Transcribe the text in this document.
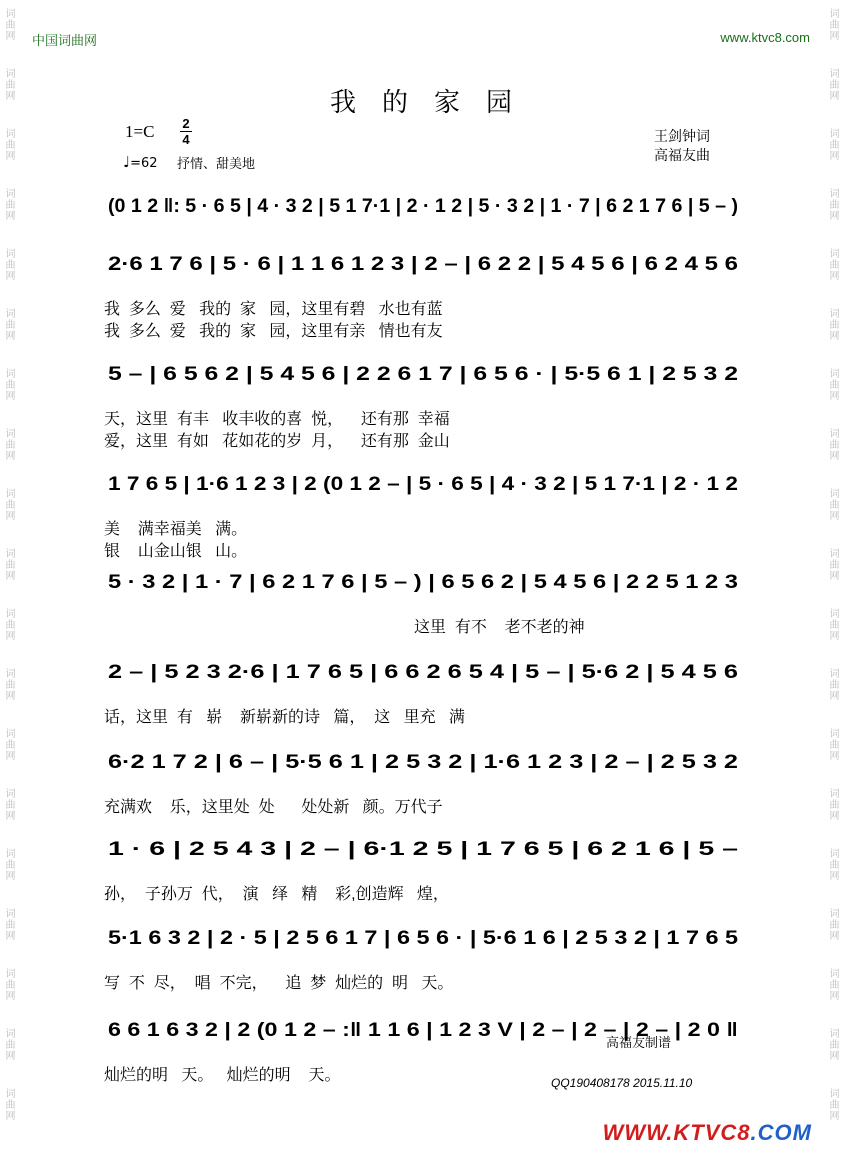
词曲网
词曲网
词曲网
词曲网
词曲网
词曲网
词曲网
词曲网
词曲网
词曲网
词曲网
词曲网
词曲网
词曲网
词曲网
词曲网
词曲网
词曲网
词曲网
词曲网
词曲网
词曲网
词曲网
词曲网
词曲网
词曲网
词曲网
词曲网
词曲网
词曲网
词曲网
词曲网
词曲网
词曲网
词曲网
词曲网
词曲网
词曲网
中国词曲网	www.ktvc8.com
我的家园
1=C 2
4
♩=62 抒情、甜美地
王剑钟词
高福友曲
(0 1 2 ‖: 5 · 6 5 | 4 · 3 2 | 5 1 7·1 | 2 · 1 2 | 5 · 3 2 | 1 · 7 | 6 2 1 7 6 | 5 – )
2·6 1 7 6 | 5 · 6 | 1 1 6 1 2 3 | 2 – | 6 2 2 | 5 4 5 6 | 6 2 4 5 6
我  多么  爱   我的  家   园，这里有碧   水也有蓝
我  多么  爱   我的  家   园，这里有亲   情也有友
5 – | 6 5 6 2 | 5 4 5 6 | 2 2 6 1 7 | 6 5 6 · | 5·5 6 1 | 2 5 3 2
天，这里  有丰   收丰收的喜  悦，    还有那  幸福
爱，这里  有如   花如花的岁  月，    还有那  金山
1 7 6 5 | 1·6 1 2 3 | 2 (0 1 2 – | 5 · 6 5 | 4 · 3 2 | 5 1 7·1 | 2 · 1 2
美    满幸福美   满。
银    山金山银   山。
5 · 3 2 | 1 · 7 | 6 2 1 7 6 | 5 – ) | 6 5 6 2 | 5 4 5 6 | 2 2 5 1 2 3
这里  有不    老不老的神
2 – | 5 2 3 2·6 | 1 7 6 5 | 6 6 2 6 5 4 | 5 – | 5·6 2 | 5 4 5 6
话，这里  有   崭    新崭新的诗   篇，  这   里充   满
6·2 1 7 2 | 6 – | 5·5 6 1 | 2 5 3 2 | 1·6 1 2 3 | 2 – | 2 5 3 2
充满欢    乐，这里处  处      处处新   颜。万代子
1 · 6 | 2 5 4 3 | 2 – | 6·1 2 5 | 1 7 6 5 | 6 2 1 6 | 5 –
孙，  子孙万  代，  演   绎   精    彩,创造辉   煌，
5·1 6 3 2 | 2 · 5 | 2 5 6 1 7 | 6 5 6 · | 5·6 1 6 | 2 5 3 2 | 1 7 6 5
写  不  尽，  唱  不完，    追  梦  灿烂的  明   天。
6 6 1 6 3 2 | 2 (0 1 2 – :‖ 1 1 6 | 1 2 3 V | 2 – | 2 – | 2 – | 2 0 ‖
灿烂的明   天。   灿烂的明    天。
高福友制谱
QQ190408178 2015.11.10
WWW.KTVC8.COM
